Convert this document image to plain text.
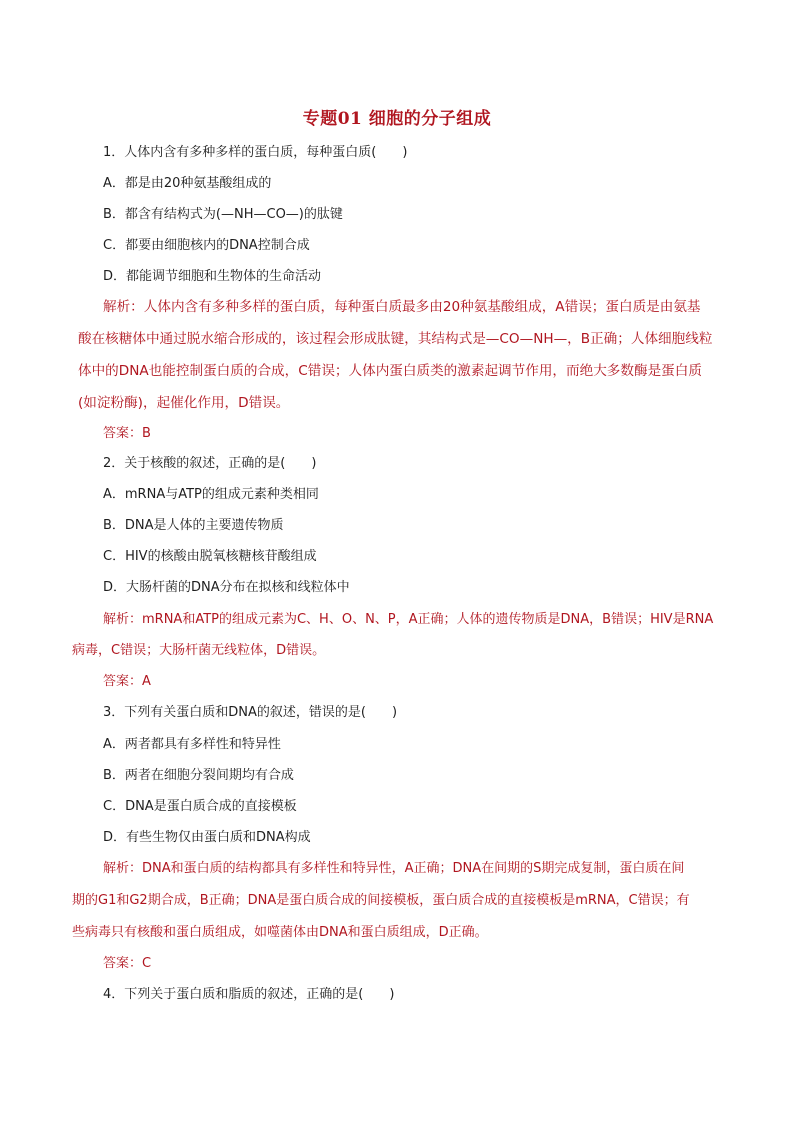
专题01 细胞的分子组成
1．人体内含有多种多样的蛋白质，每种蛋白质(　　)
A．都是由20种氨基酸组成的
B．都含有结构式为(—NH—CO—)的肽键
C．都要由细胞核内的DNA控制合成
D．都能调节细胞和生物体的生命活动
解析：人体内含有多种多样的蛋白质，每种蛋白质最多由20种氨基酸组成，A错误；蛋白质是由氨基
酸在核糖体中通过脱水缩合形成的，该过程会形成肽键，其结构式是—CO—NH—，B正确；人体细胞线粒
体中的DNA也能控制蛋白质的合成，C错误；人体内蛋白质类的激素起调节作用，而绝大多数酶是蛋白质
(如淀粉酶)，起催化作用，D错误。
答案：B
2．关于核酸的叙述，正确的是(　　)
A．mRNA与ATP的组成元素种类相同
B．DNA是人体的主要遗传物质
C．HIV的核酸由脱氧核糖核苷酸组成
D．大肠杆菌的DNA分布在拟核和线粒体中
解析：mRNA和ATP的组成元素为C、H、O、N、P，A正确；人体的遗传物质是DNA，B错误；HIV是RNA
病毒，C错误；大肠杆菌无线粒体，D错误。
答案：A
3．下列有关蛋白质和DNA的叙述，错误的是(　　)
A．两者都具有多样性和特异性
B．两者在细胞分裂间期均有合成
C．DNA是蛋白质合成的直接模板
D．有些生物仅由蛋白质和DNA构成
解析：DNA和蛋白质的结构都具有多样性和特异性，A正确；DNA在间期的S期完成复制，蛋白质在间
期的G1和G2期合成，B正确；DNA是蛋白质合成的间接模板，蛋白质合成的直接模板是mRNA，C错误；有
些病毒只有核酸和蛋白质组成，如噬菌体由DNA和蛋白质组成，D正确。
答案：C
4．下列关于蛋白质和脂质的叙述，正确的是(　　)
